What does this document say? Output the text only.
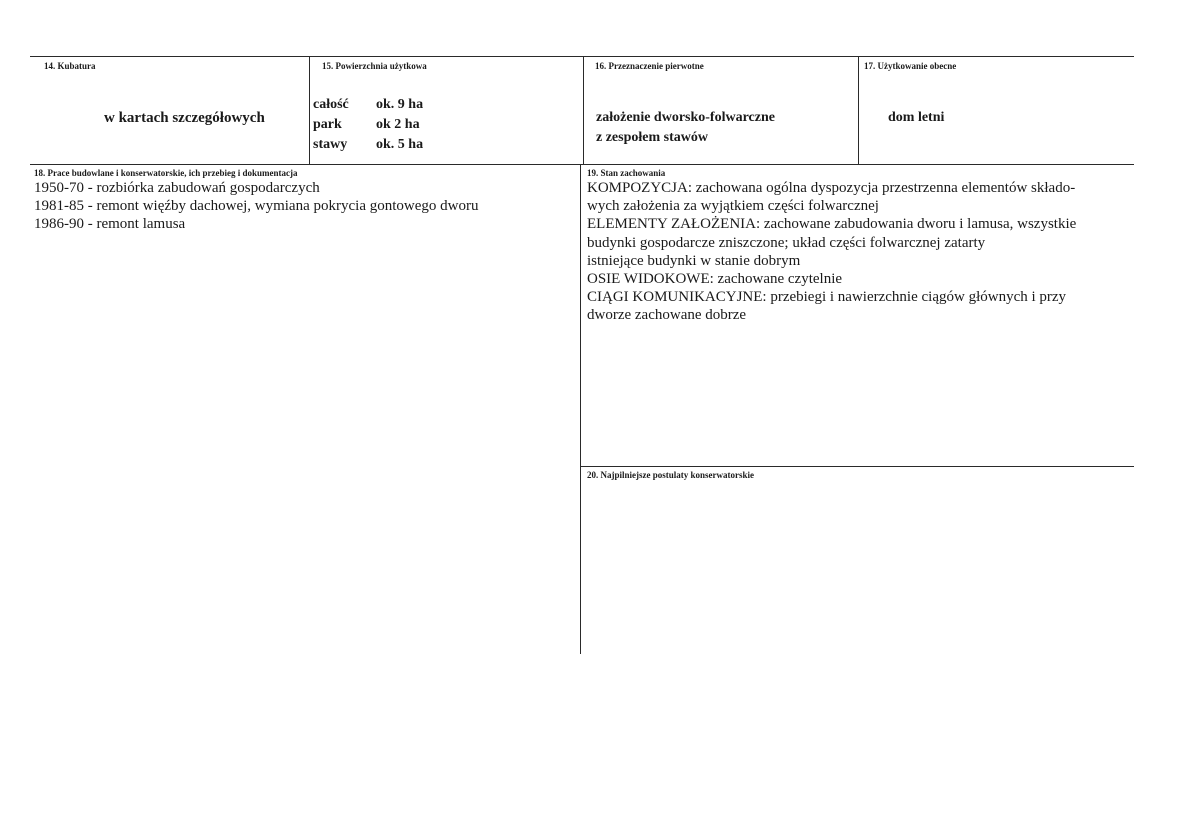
14. Kubatura
w kartach szczegółowych
15. Powierzchnia użytkowa
całość ok. 9 ha
park ok 2 ha
stawy ok. 5 ha
16. Przeznaczenie pierwotne
założenie dworsko-folwarczne
z zespołem stawów
17. Użytkowanie obecne
dom letni
18. Prace budowlane i konserwatorskie, ich przebieg i dokumentacja
1950-70 - rozbiórka zabudowań gospodarczych
1981-85 - remont więźby dachowej, wymiana pokrycia gontowego dworu
1986-90 - remont lamusa
19. Stan zachowania
KOMPOZYCJA: zachowana ogólna dyspozycja przestrzenna elementów składo-
wych założenia za wyjątkiem części folwarcznej
ELEMENTY ZAŁOŻENIA: zachowane zabudowania dworu i lamusa, wszystkie
budynki gospodarcze zniszczone; układ części folwarcznej zatarty
istniejące budynki w stanie dobrym
OSIE WIDOKOWE: zachowane czytelnie
CIĄGI KOMUNIKACYJNE: przebiegi i nawierzchnie ciągów głównych i przy
dworze zachowane dobrze
20. Najpilniejsze postulaty konserwatorskie
